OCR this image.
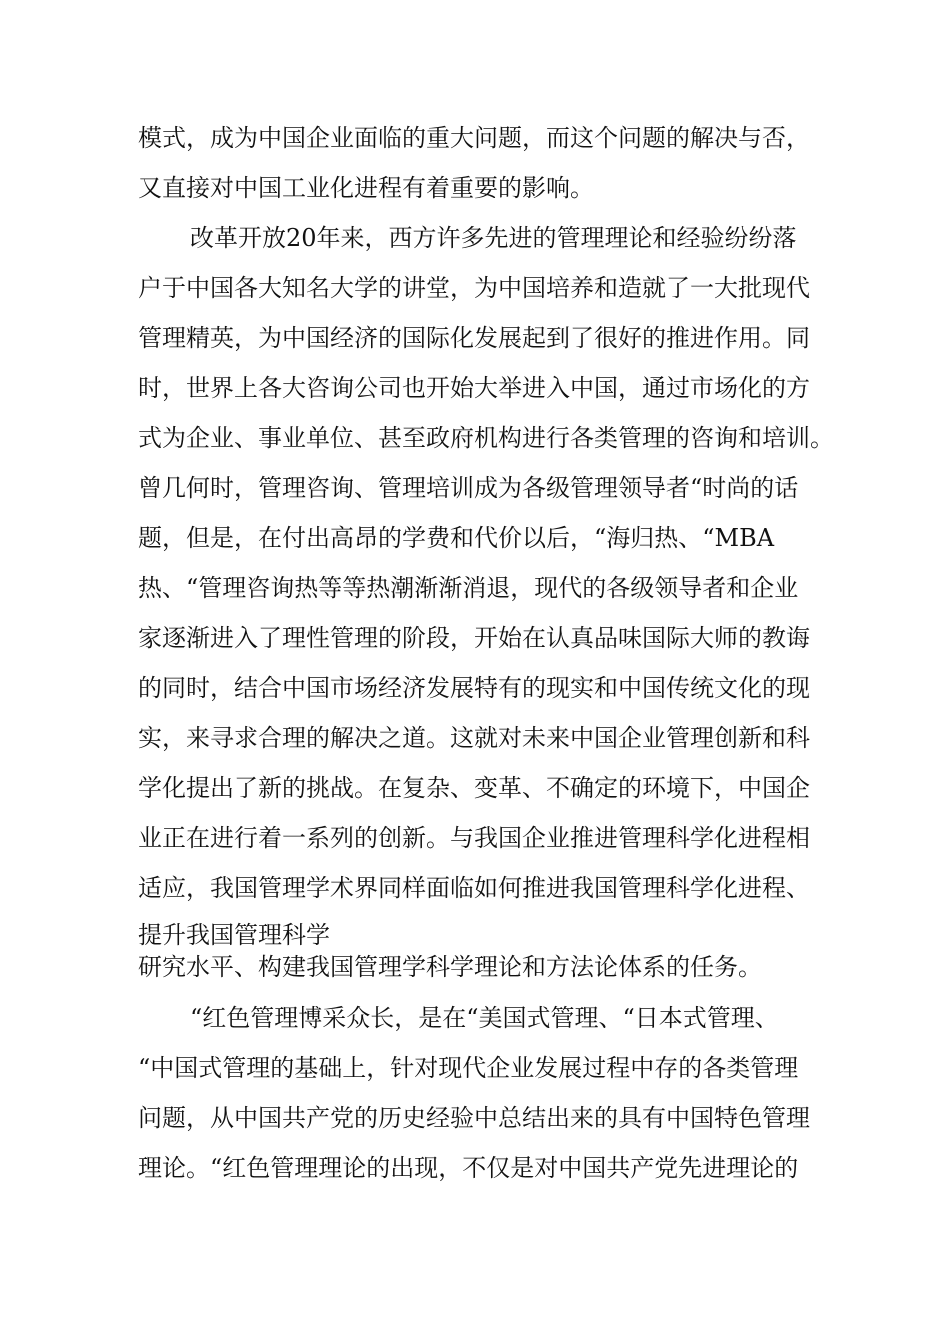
模式，成为中国企业面临的重大问题，而这个问题的解决与否，
又直接对中国工业化进程有着重要的影响。
改革开放20年来，西方许多先进的管理理论和经验纷纷落
户于中国各大知名大学的讲堂，为中国培养和造就了一大批现代
管理精英，为中国经济的国际化发展起到了很好的推进作用。同
时，世界上各大咨询公司也开始大举进入中国，通过市场化的方
式为企业、事业单位、甚至政府机构进行各类管理的咨询和培训。
曾几何时，管理咨询、管理培训成为各级管理领导者“时尚的话
题，但是，在付出高昂的学费和代价以后，“海归热、“MBA
热、“管理咨询热等等热潮渐渐消退，现代的各级领导者和企业
家逐渐进入了理性管理的阶段，开始在认真品味国际大师的教诲
的同时，结合中国市场经济发展特有的现实和中国传统文化的现
实，来寻求合理的解决之道。这就对未来中国企业管理创新和科
学化提出了新的挑战。在复杂、变革、不确定的环境下，中国企
业正在进行着一系列的创新。与我国企业推进管理科学化进程相
适应，我国管理学术界同样面临如何推进我国管理科学化进程、
提升我国管理科学
研究水平、构建我国管理学科学理论和方法论体系的任务。
“红色管理博采众长，是在“美国式管理、“日本式管理、
“中国式管理的基础上，针对现代企业发展过程中存的各类管理
问题，从中国共产党的历史经验中总结出来的具有中国特色管理
理论。“红色管理理论的出现，不仅是对中国共产党先进理论的
